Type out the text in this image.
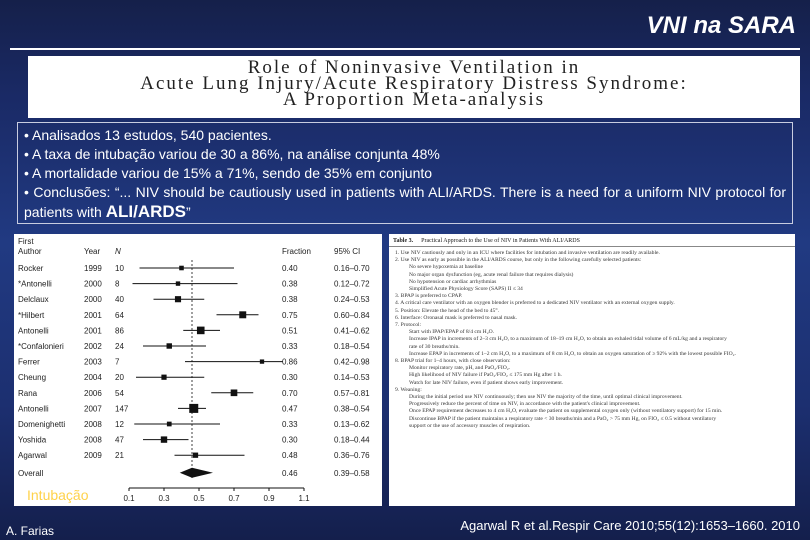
VNI na SARA
Role of Noninvasive Ventilation in
Acute Lung Injury/Acute Respiratory Distress Syndrome:
A Proportion Meta-analysis
• Analisados 13 estudos, 540 pacientes.
• A taxa de intubação variou de 30 a 86%, na análise conjunta 48%
• A mortalidade variou de 15% a 71%, sendo de 35% em conjunto
• Conclusões: “... NIV should be cautiously used in patients with ALI/ARDS. There is a need for a uniform NIV protocol for patients with ALI/ARDS”
First
Author	Year N	Fraction	95% CI
Rocker	1999 10	0.40	0.16–0.70
*Antonelli	2000 8	0.38	0.12–0.72
Delclaux	2000 40	0.38	0.24–0.53
*Hilbert	2001 64	0.75	0.60–0.84
Antonelli	2001 86	0.51	0.41–0.62
*Confalonieri	2002 24	0.33	0.18–0.54
Ferrer	2003 7	0.86	0.42–0.98
Cheung	2004 20	0.30	0.14–0.53
Rana	2006 54	0.70	0.57–0.81
Antonelli	2007 147	0.47	0.38–0.54
Domenighetti 2008 12	0.33	0.13–0.62
Yoshida	2008 47	0.30	0.18–0.44
Agarwal	2009 21	0.48	0.36–0.76
Overall	0.46	0.39–0.58
0.1	0.3	0.5	0.7	0.9	1.1
Table 3. Practical Approach to the Use of NIV in Patients With ALI/ARDS
1. Use NIV cautiously and only in an ICU where facilities for intubation and invasive ventilation are readily available.
2. Use NIV as early as possible in the ALI/ARDS course, but only in the following carefully selected patients:
No severe hypoxemia at baseline
No major organ dysfunction (eg, acute renal failure that requires dialysis)
No hypotension or cardiac arrhythmias
Simplified Acute Physiology Score (SAPS) II ≤ 34
3. BPAP is preferred to CPAP.
4. A critical care ventilator with an oxygen blender is preferred to a dedicated NIV ventilator with an external oxygen supply.
5. Position: Elevate the head of the bed to 45°.
6. Interface: Oronasal mask is preferred to nasal mask.
7. Protocol:
Start with IPAP/EPAP of 8/4 cm H₂O.
Increase IPAP in increments of 2–3 cm H₂O, to a maximum of 18–19 cm H₂O, to obtain an exhaled tidal volume of 6 mL/kg and a respiratory
rate of 30 breaths/min.
Increase EPAP in increments of 1–2 cm H₂O, to a maximum of 8 cm H₂O, to obtain an oxygen saturation of ≥ 92% with the lowest possible FIO₂.
8. BPAP trial for 1–4 hours, with close observation:
Monitor respiratory rate, pH, and PaO₂/FIO₂.
High likelihood of NIV failure if PaO₂/FIO₂ ≤ 175 mm Hg after 1 h.
Watch for late NIV failure, even if patient shows early improvement.
9. Weaning:
During the initial period use NIV continuously; then use NIV the majority of the time, until optimal clinical improvement.
Progressively reduce the percent of time on NIV, in accordance with the patient's clinical improvement.
Once EPAP requirement decreases to 4 cm H₂O, evaluate the patient on supplemental oxygen only (without ventilatory support) for 15 min.
Discontinue BPAP if the patient maintains a respiratory rate < 30 breaths/min and a PaO₂ > 75 mm Hg, on FIO₂ ≤ 0.5 without ventilatory
support or the use of accessory muscles of respiration.
Intubação
A. Farias	Agarwal R et al.Respir Care 2010;55(12):1653–1660. 2010
